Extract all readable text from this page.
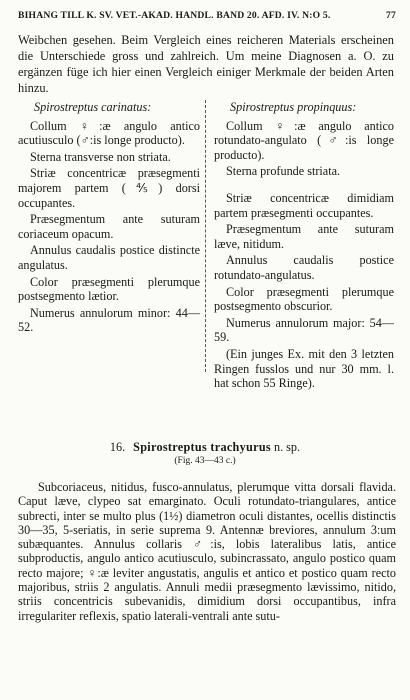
BIHANG TILL K. SV. VET.-AKAD. HANDL. BAND 20. AFD. IV. N:O 5.	77

Weibchen gesehen. Beim Vergleich eines reicheren Materials erscheinen die Unterschiede gross und zahlreich. Um meine Diagnosen a. O. zu ergänzen füge ich hier einen Vergleich einiger Merkmale der beiden Arten hinzu.

Spirostreptus carinatus:

Collum ♀:æ angulo antico acutiusculo (♂:is longe producto).

Sterna transverse non striata.

Striæ concentricæ præsegmenti majorem partem (⅘) dorsi occupantes.

Præsegmentum ante suturam coriaceum opacum.

Annulus caudalis postice distincte angulatus.

Color præsegmenti plerumque postsegmento lætior.

Numerus annulorum minor: 44—52.

Spirostreptus propinquus:

Collum ♀:æ angulo antico rotundato-angulato (♂:is longe producto).

Sterna profunde striata.

Striæ concentricæ dimidiam partem præsegmenti occupantes.

Præsegmentum ante suturam læve, nitidum.

Annulus caudalis postice rotundato-angulatus.

Color præsegmenti plerumque postsegmento obscurior.

Numerus annulorum major: 54—59.

(Ein junges Ex. mit den 3 letzten Ringen fusslos und nur 30 mm. l. hat schon 55 Ringe).

16. Spirostreptus trachyurus n. sp.
(Fig. 43—43 c.)

Subcoriaceus, nitidus, fusco-annulatus, plerumque vitta dorsali flavida. Caput læve, clypeo sat emarginato. Oculi rotundato-triangulares, antice subrecti, inter se multo plus (1½) diametron oculi distantes, ocellis distinctis 30—35, 5-seriatis, in serie suprema 9. Antennæ breviores, annulum 3:um subæquantes. Annulus collaris ♂:is, lobis lateralibus latis, antice subproductis, angulo antico acutiusculo, subincrassato, angulo postico quam recto majore; ♀:æ leviter angustatis, angulis et antico et postico quam recto majoribus, striis 2 angulatis. Annuli medii præsegmento lævissimo, nitido, striis concentricis subevanidis, dimidium dorsi occupantibus, infra irregulariter reflexis, spatio laterali-ventrali ante sutu-
